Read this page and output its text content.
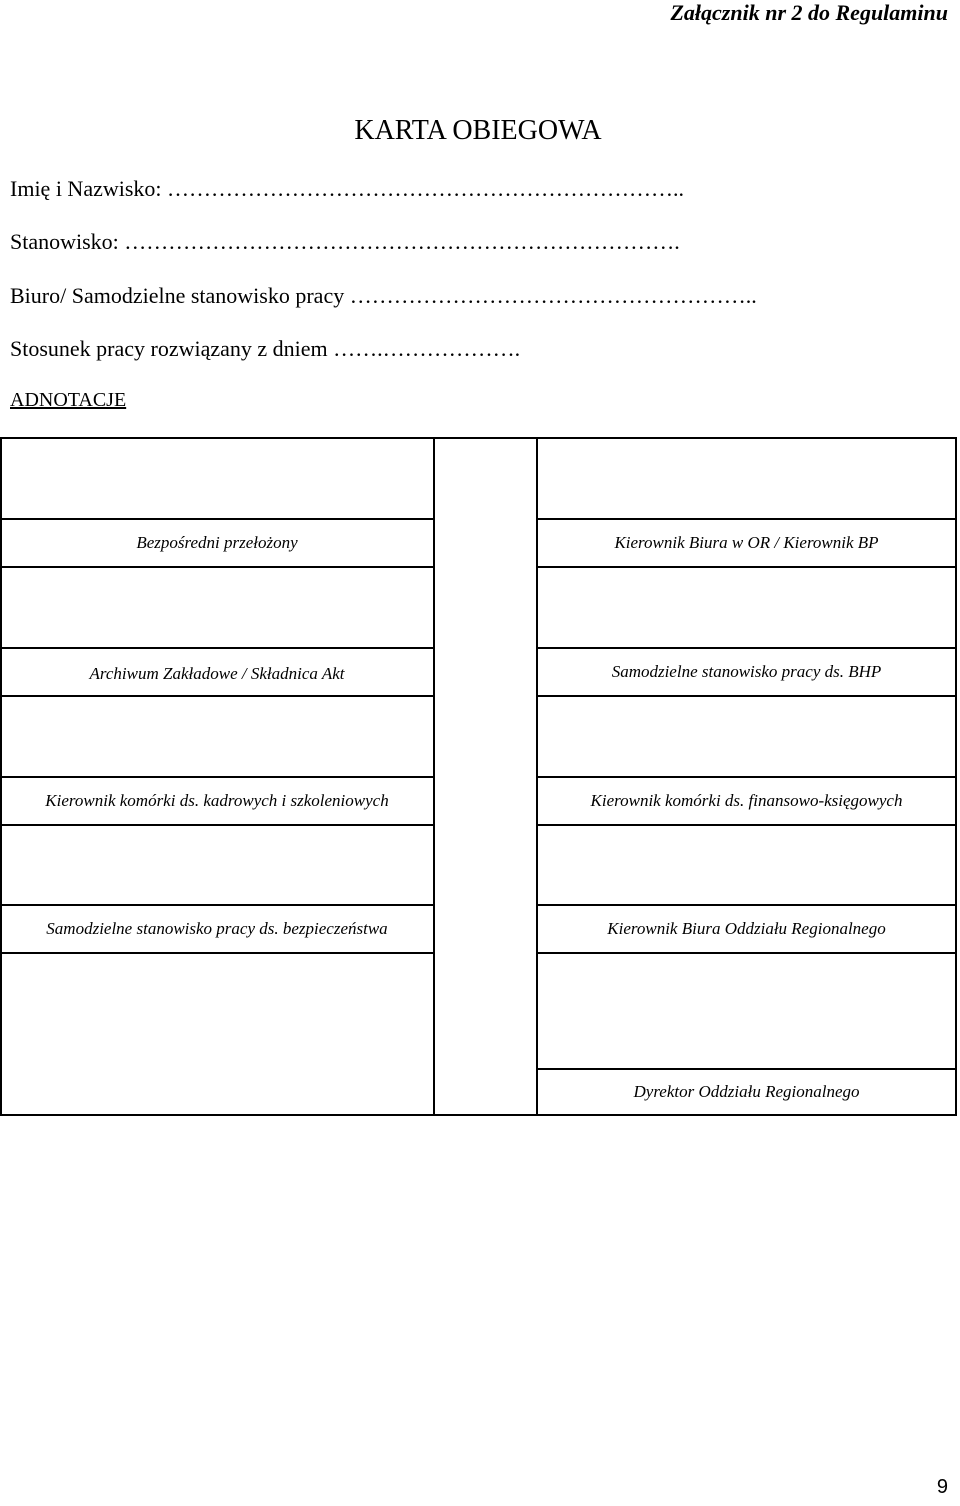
Załącznik nr 2 do Regulaminu
KARTA OBIEGOWA
Imię i Nazwisko: ……………………………………………………………..
Stanowisko: ………………………………………………………………….
Biuro/ Samodzielne stanowisko pracy ………………………………………………..
Stosunek pracy rozwiązany z dniem …….……………….
ADNOTACJE
Bezpośredni przełożony	Kierownik Biura w OR / Kierownik BP
Archiwum Zakładowe / Składnica Akt	Samodzielne stanowisko pracy ds. BHP
Kierownik komórki ds. kadrowych i szkoleniowych	Kierownik komórki ds. finansowo-księgowych
Samodzielne stanowisko pracy ds. bezpieczeństwa	Kierownik Biura Oddziału Regionalnego
Dyrektor Oddziału Regionalnego
9
